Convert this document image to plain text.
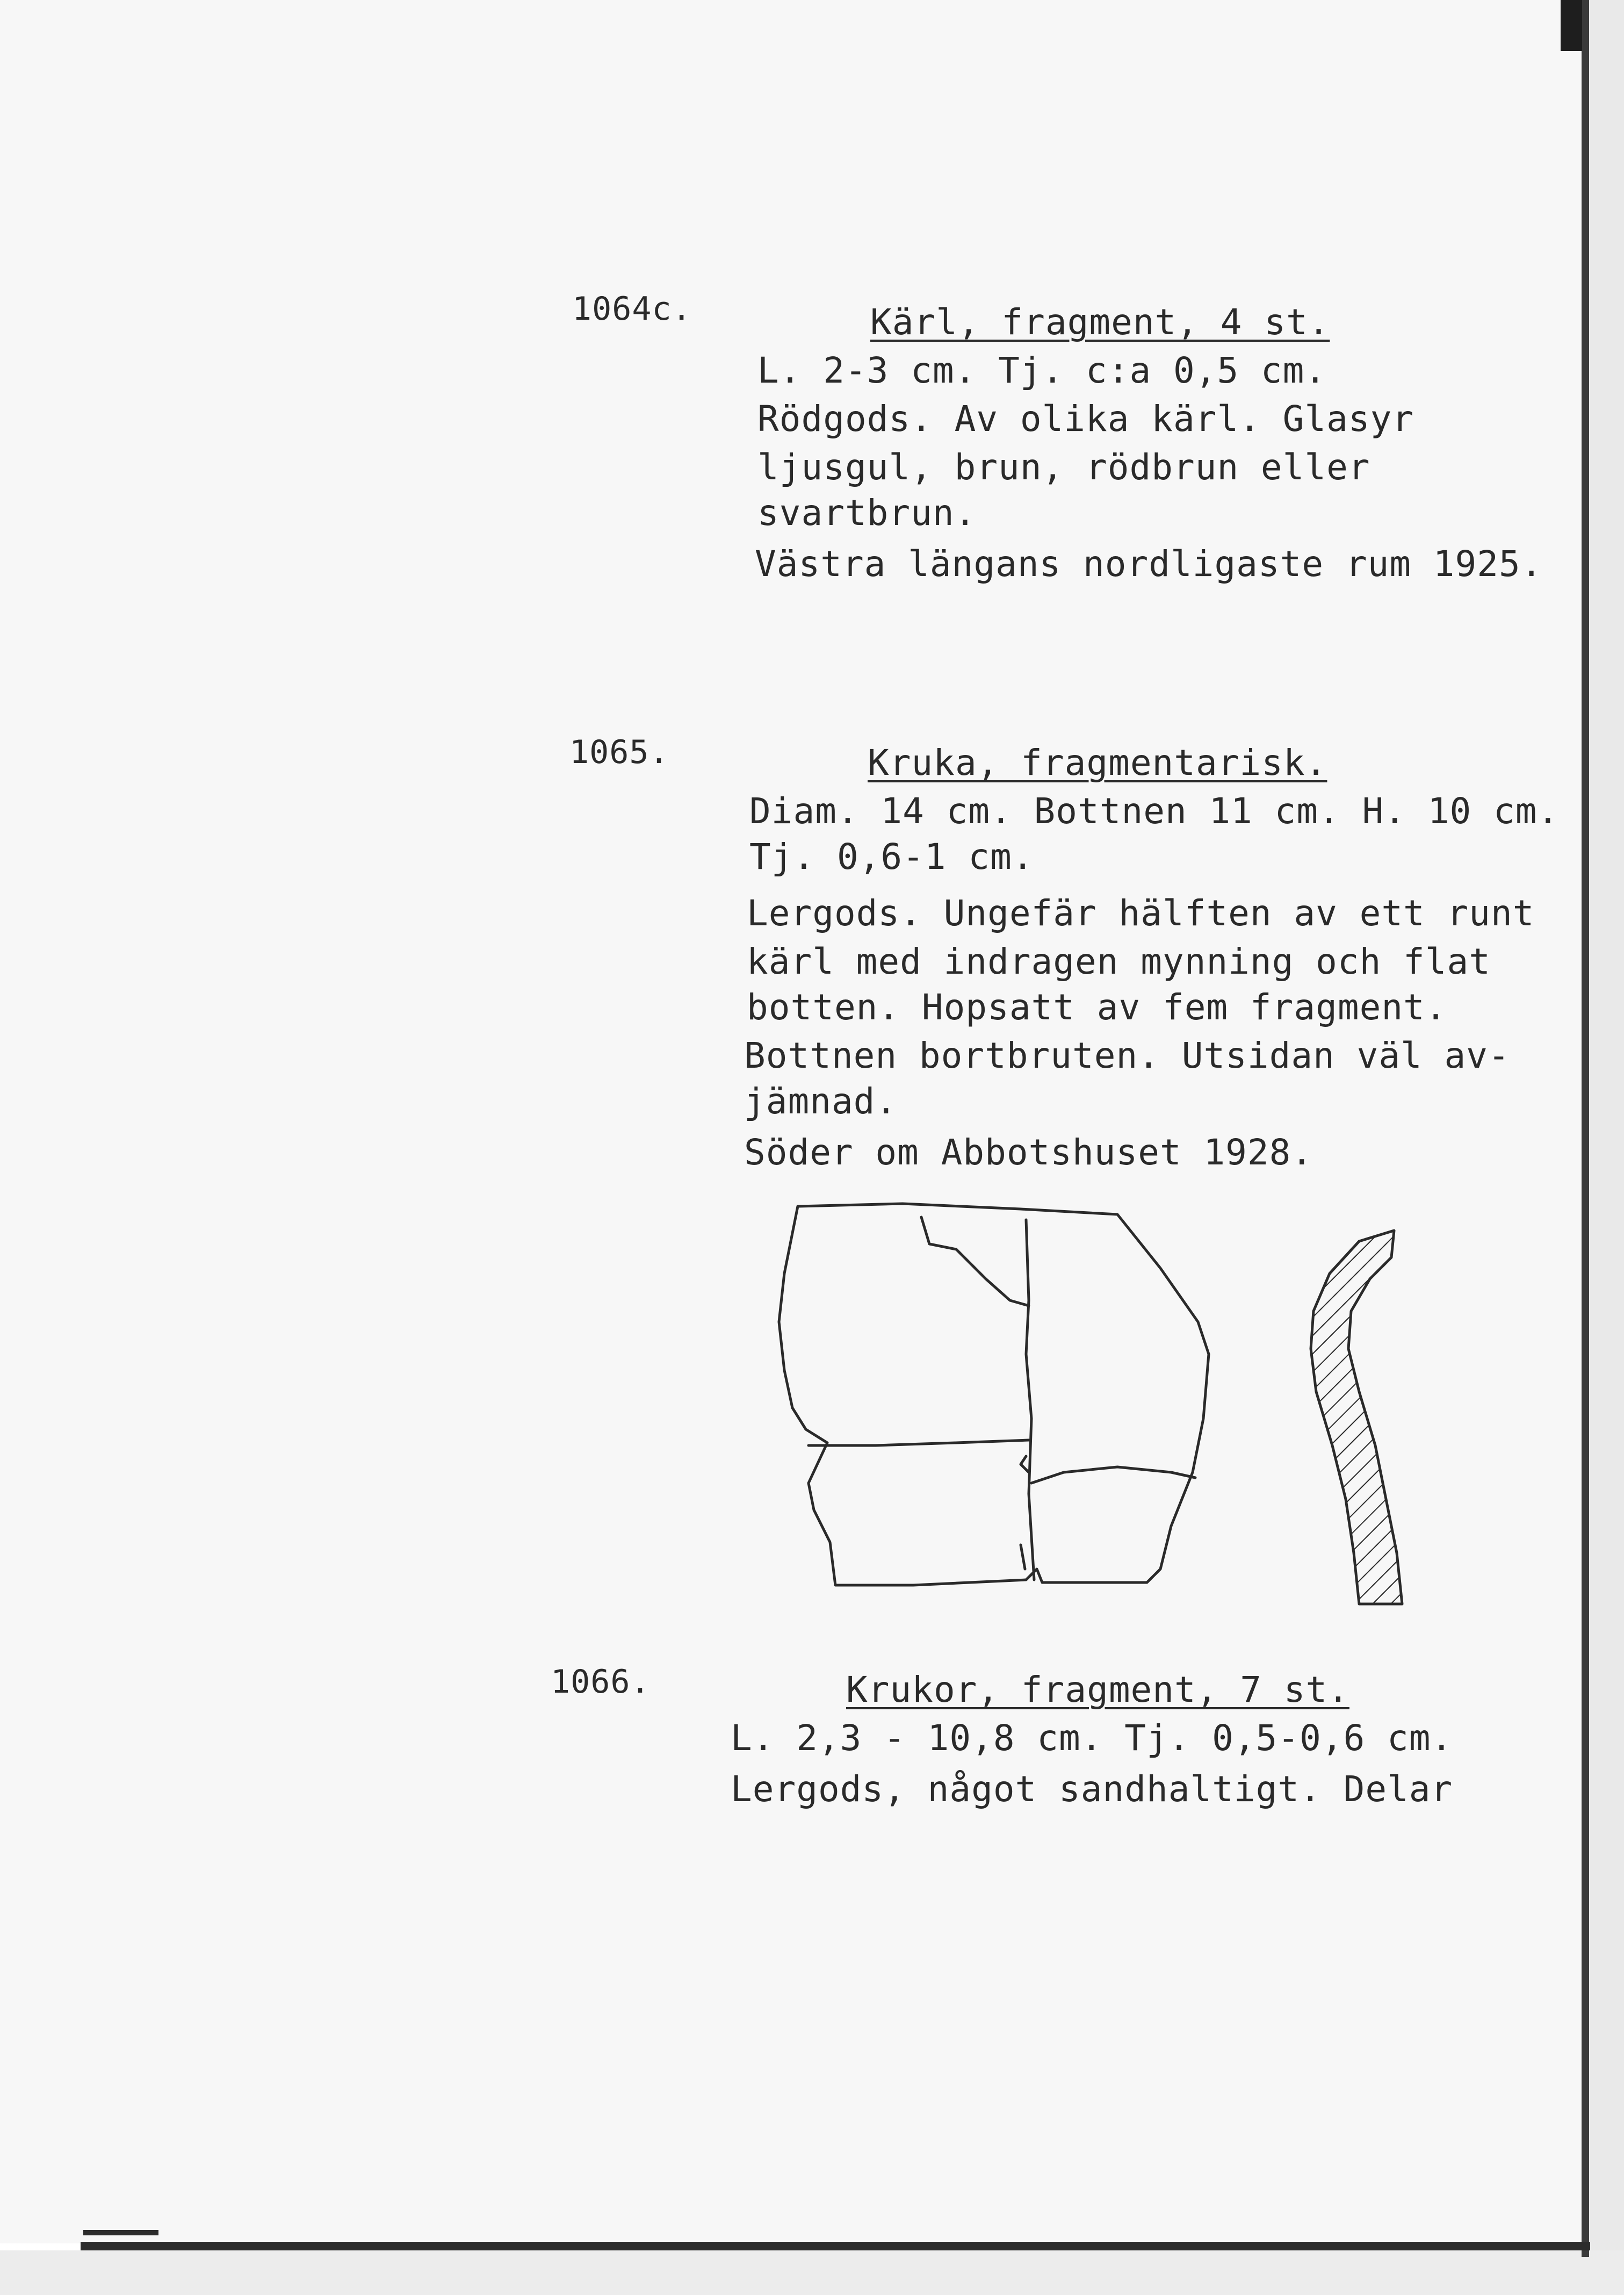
1064c.	Kärl, fragment, 4 st.
L. 2-3 cm. Tj. c:a 0,5 cm.
Rödgods. Av olika kärl. Glasyr
ljusgul, brun, rödbrun eller
svartbrun.
Västra längans nordligaste rum 1925.
1065.	Kruka, fragmentarisk.
Diam. 14 cm. Bottnen 11 cm. H. 10 cm.
Tj. 0,6-1 cm.
Lergods. Ungefär hälften av ett runt
kärl med indragen mynning och flat
botten. Hopsatt av fem fragment.
Bottnen bortbruten. Utsidan väl av-
jämnad.
Söder om Abbotshuset 1928.
1066.	Krukor, fragment, 7 st.
L. 2,3 - 10,8 cm. Tj. 0,5-0,6 cm.
Lergods, något sandhaltigt. Delar
